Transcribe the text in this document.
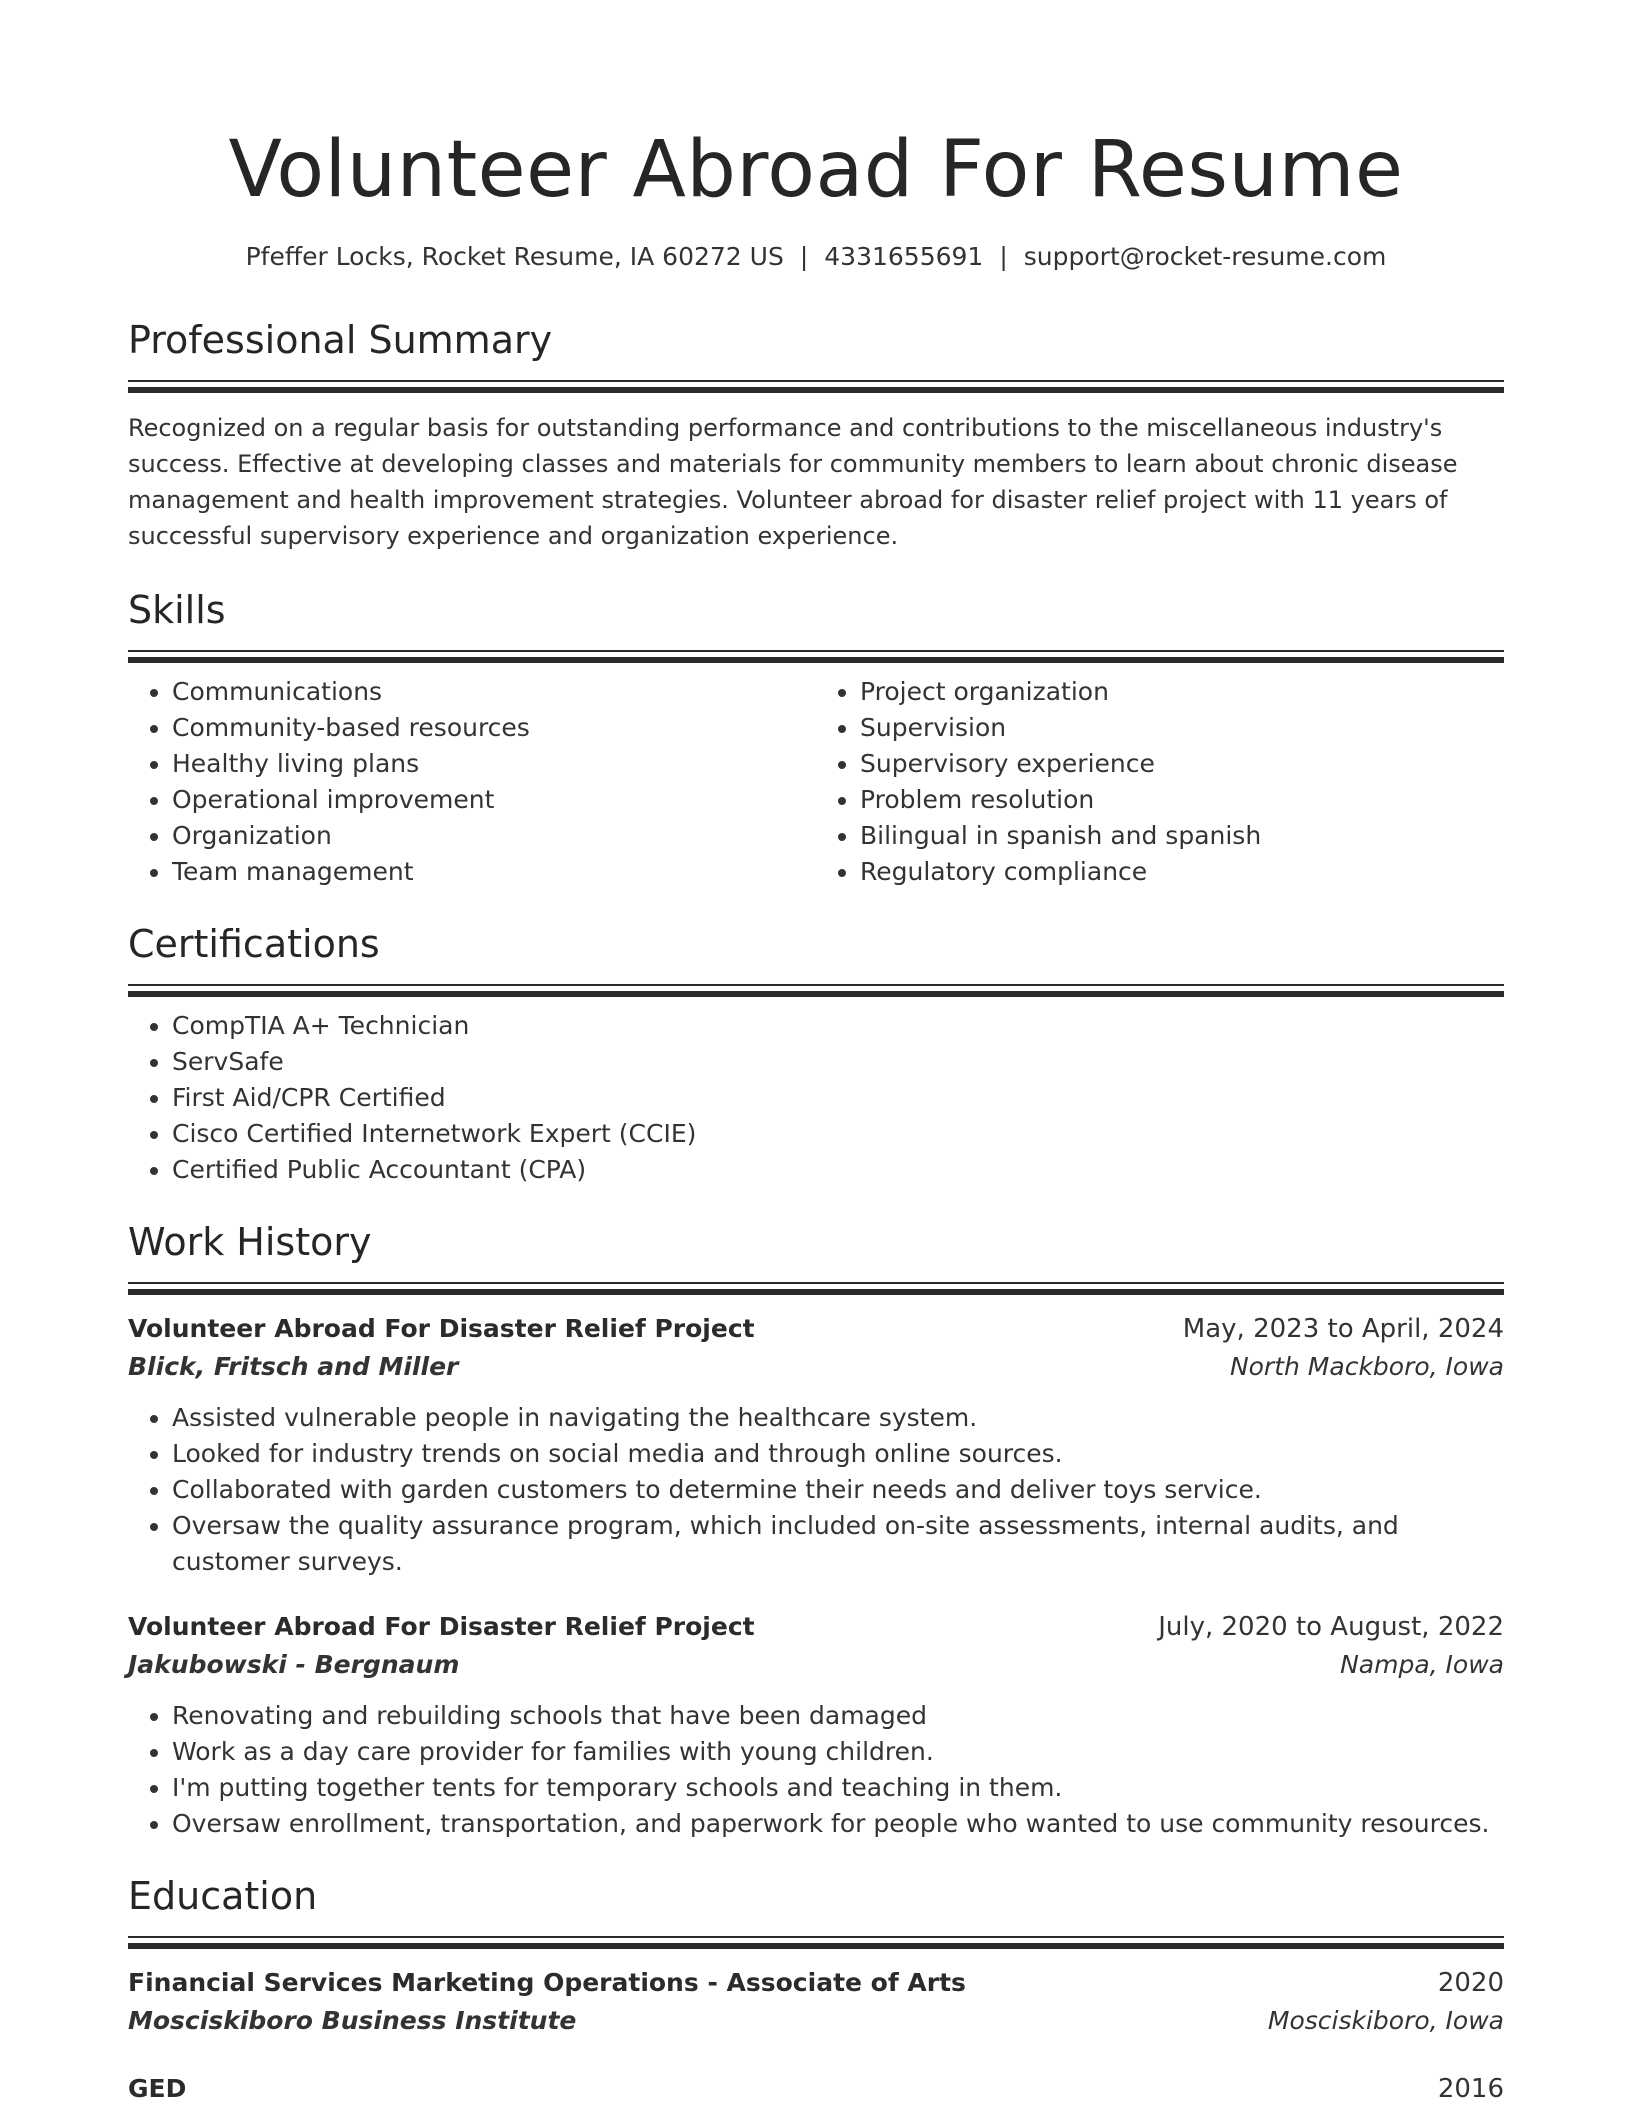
Volunteer Abroad For Resume
Pfeffer Locks, Rocket Resume, IA 60272 US | 4331655691 | support@rocket-resume.com
Professional Summary

Recognized on a regular basis for outstanding performance and contributions to the miscellaneous industry's success. Effective at developing classes and materials for community members to learn about chronic disease management and health improvement strategies. Volunteer abroad for disaster relief project with 11 years of successful supervisory experience and organization experience.

Skills
• Communications
• Community-based resources
• Healthy living plans
• Operational improvement
• Organization
• Team management
• Project organization
• Supervision
• Supervisory experience
• Problem resolution
• Bilingual in spanish and spanish
• Regulatory compliance
Certifications
• CompTIA A+ Technician
• ServSafe
• First Aid/CPR Certified
• Cisco Certified Internetwork Expert (CCIE)
• Certified Public Accountant (CPA)
Work History
Volunteer Abroad For Disaster Relief Project	May, 2023 to April, 2024
Blick, Fritsch and Miller	North Mackboro, Iowa
• Assisted vulnerable people in navigating the healthcare system.
• Looked for industry trends on social media and through online sources.
• Collaborated with garden customers to determine their needs and deliver toys service.
• Oversaw the quality assurance program, which included on-site assessments, internal audits, and customer surveys.
Volunteer Abroad For Disaster Relief Project	July, 2020 to August, 2022
Jakubowski - Bergnaum	Nampa, Iowa
• Renovating and rebuilding schools that have been damaged
• Work as a day care provider for families with young children.
• I'm putting together tents for temporary schools and teaching in them.
• Oversaw enrollment, transportation, and paperwork for people who wanted to use community resources.
Education
Financial Services Marketing Operations - Associate of Arts	2020
Mosciskiboro Business Institute	Mosciskiboro, Iowa
GED	2016
